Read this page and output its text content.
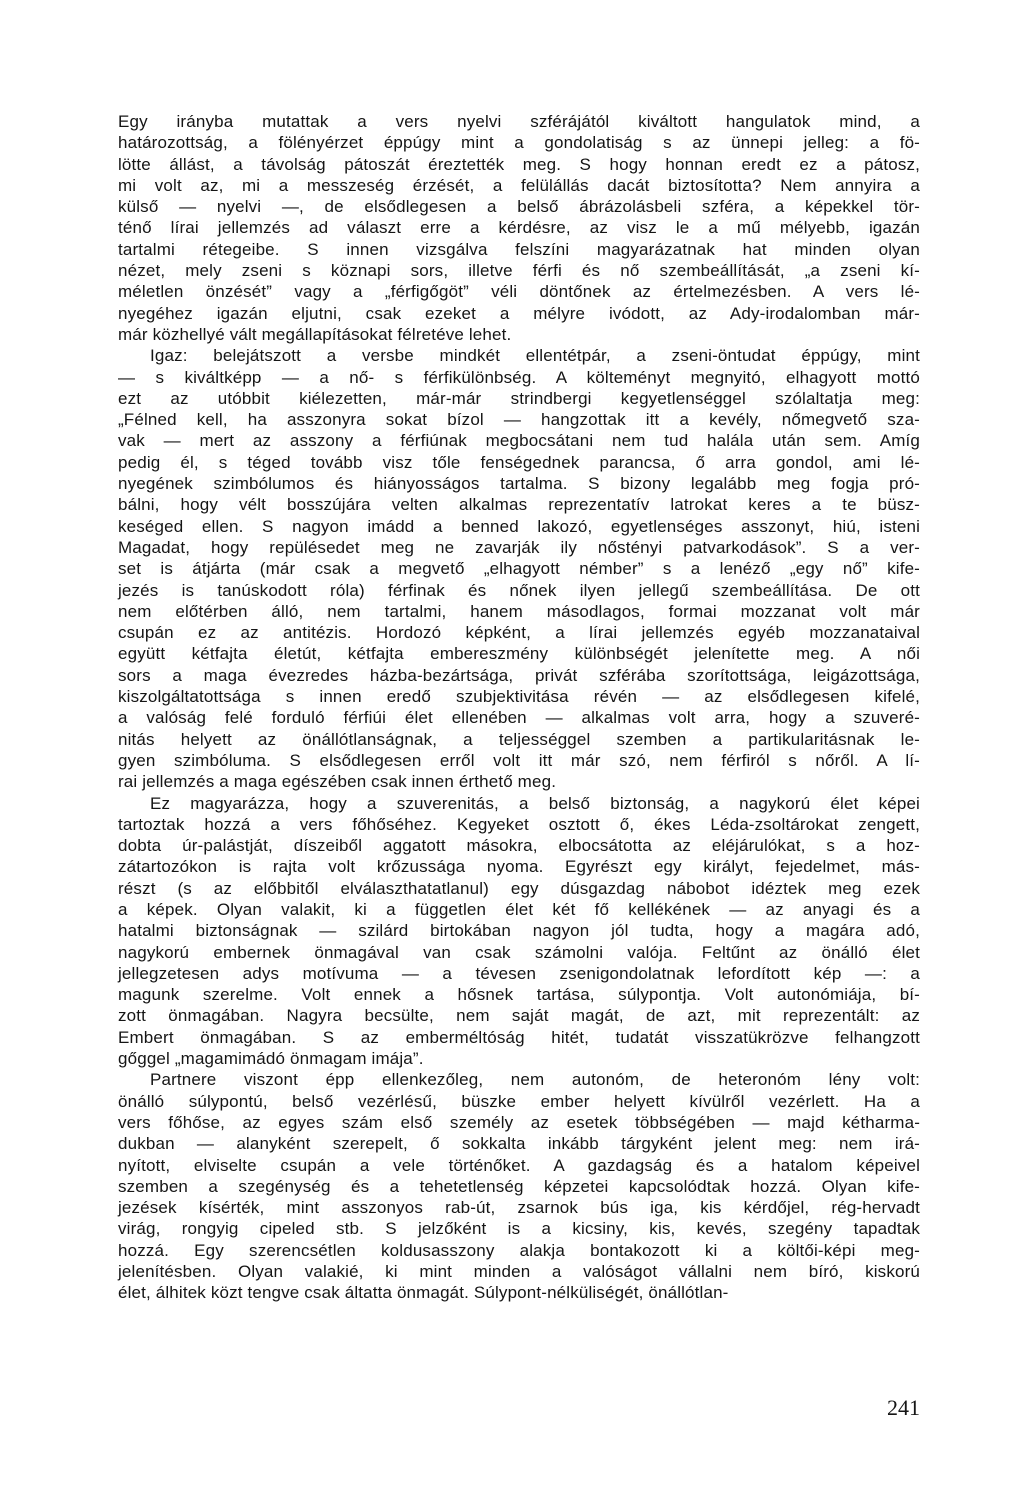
Egy irányba mutattak a vers nyelvi szférájától kiváltott hangulatok mind, a
határozottság, a fölényérzet éppúgy mint a gondolatiság s az ünnepi jelleg: a fö-
lötte állást, a távolság pátoszát éreztették meg. S hogy honnan eredt ez a pátosz,
mi volt az, mi a messzeség érzését, a felülállás dacát biztosította? Nem annyira a
külső — nyelvi —, de elsődlegesen a belső ábrázolásbeli szféra, a képekkel tör-
ténő lírai jellemzés ad választ erre a kérdésre, az visz le a mű mélyebb, igazán
tartalmi rétegeibe. S innen vizsgálva felszíni magyarázatnak hat minden olyan
nézet, mely zseni s köznapi sors, illetve férfi és nő szembeállítását, „a zseni kí-
méletlen önzését” vagy a „férfigőgöt” véli döntőnek az értelmezésben. A vers lé-
nyegéhez igazán eljutni, csak ezeket a mélyre ivódott, az Ady-irodalomban már-
már közhellyé vált megállapításokat félretéve lehet.
Igaz: belejátszott a versbe mindkét ellentétpár, a zseni-öntudat éppúgy, mint
— s kiváltképp — a nő- s férfikülönbség. A költeményt megnyitó, elhagyott mottó
ezt az utóbbit kiélezetten, már-már strindbergi kegyetlenséggel szólaltatja meg:
„Félned kell, ha asszonyra sokat bízol — hangzottak itt a kevély, nőmegvető sza-
vak — mert az asszony a férfiúnak megbocsátani nem tud halála után sem. Amíg
pedig él, s téged tovább visz tőle fenségednek parancsa, ő arra gondol, ami lé-
nyegének szimbólumos és hiányosságos tartalma. S bizony legalább meg fogja pró-
bálni, hogy vélt bosszújára velten alkalmas reprezentatív latrokat keres a te büsz-
keséged ellen. S nagyon imádd a benned lakozó, egyetlenséges asszonyt, hiú, isteni
Magadat, hogy repülésedet meg ne zavarják ily nőstényi patvarkodások”. S a ver-
set is átjárta (már csak a megvető „elhagyott némber” s a lenéző „egy nő” kife-
jezés is tanúskodott róla) férfinak és nőnek ilyen jellegű szembeállítása. De ott
nem előtérben álló, nem tartalmi, hanem másodlagos, formai mozzanat volt már
csupán ez az antitézis. Hordozó képként, a lírai jellemzés egyéb mozzanataival
együtt kétfajta életút, kétfajta embereszmény különbségét jelenítette meg. A női
sors a maga évezredes házba-bezártsága, privát szférába szorítottsága, leigázottsága,
kiszolgáltatottsága s innen eredő szubjektivitása révén — az elsődlegesen kifelé,
a valóság felé forduló férfiúi élet ellenében — alkalmas volt arra, hogy a szuveré-
nitás helyett az önállótlanságnak, a teljességgel szemben a partikularitásnak le-
gyen szimbóluma. S elsődlegesen erről volt itt már szó, nem férfiról s nőről. A lí-
rai jellemzés a maga egészében csak innen érthető meg.
Ez magyarázza, hogy a szuverenitás, a belső biztonság, a nagykorú élet képei
tartoztak hozzá a vers főhőséhez. Kegyeket osztott ő, ékes Léda-zsoltárokat zengett,
dobta úr-palástját, díszeiből aggatott másokra, elbocsátotta az eléjárulókat, s a hoz-
zátartozókon is rajta volt krőzussága nyoma. Egyrészt egy királyt, fejedelmet, más-
részt (s az előbbitől elválaszthatatlanul) egy dúsgazdag nábobot idéztek meg ezek
a képek. Olyan valakit, ki a független élet két fő kellékének — az anyagi és a
hatalmi biztonságnak — szilárd birtokában nagyon jól tudta, hogy a magára adó,
nagykorú embernek önmagával van csak számolni valója. Feltűnt az önálló élet
jellegzetesen adys motívuma — a tévesen zsenigondolatnak lefordított kép —: a
magunk szerelme. Volt ennek a hősnek tartása, súlypontja. Volt autonómiája, bí-
zott önmagában. Nagyra becsülte, nem saját magát, de azt, mit reprezentált: az
Embert önmagában. S az emberméltóság hitét, tudatát visszatükrözve felhangzott
gőggel „magamimádó önmagam imája”.
Partnere viszont épp ellenkezőleg, nem autonóm, de heteronóm lény volt:
önálló súlypontú, belső vezérlésű, büszke ember helyett kívülről vezérlett. Ha a
vers főhőse, az egyes szám első személy az esetek többségében — majd kétharma-
dukban — alanyként szerepelt, ő sokkalta inkább tárgyként jelent meg: nem irá-
nyított, elviselte csupán a vele történőket. A gazdagság és a hatalom képeivel
szemben a szegénység és a tehetetlenség képzetei kapcsolódtak hozzá. Olyan kife-
jezések kísérték, mint asszonyos rab-út, zsarnok bús iga, kis kérdőjel, rég-hervadt
virág, rongyig cipeled stb. S jelzőként is a kicsiny, kis, kevés, szegény tapadtak
hozzá. Egy szerencsétlen koldusasszony alakja bontakozott ki a költői-képi meg-
jelenítésben. Olyan valakié, ki mint minden a valóságot vállalni nem bíró, kiskorú
élet, álhitek közt tengve csak áltatta önmagát. Súlypont-nélküliségét, önállótlan-
241
